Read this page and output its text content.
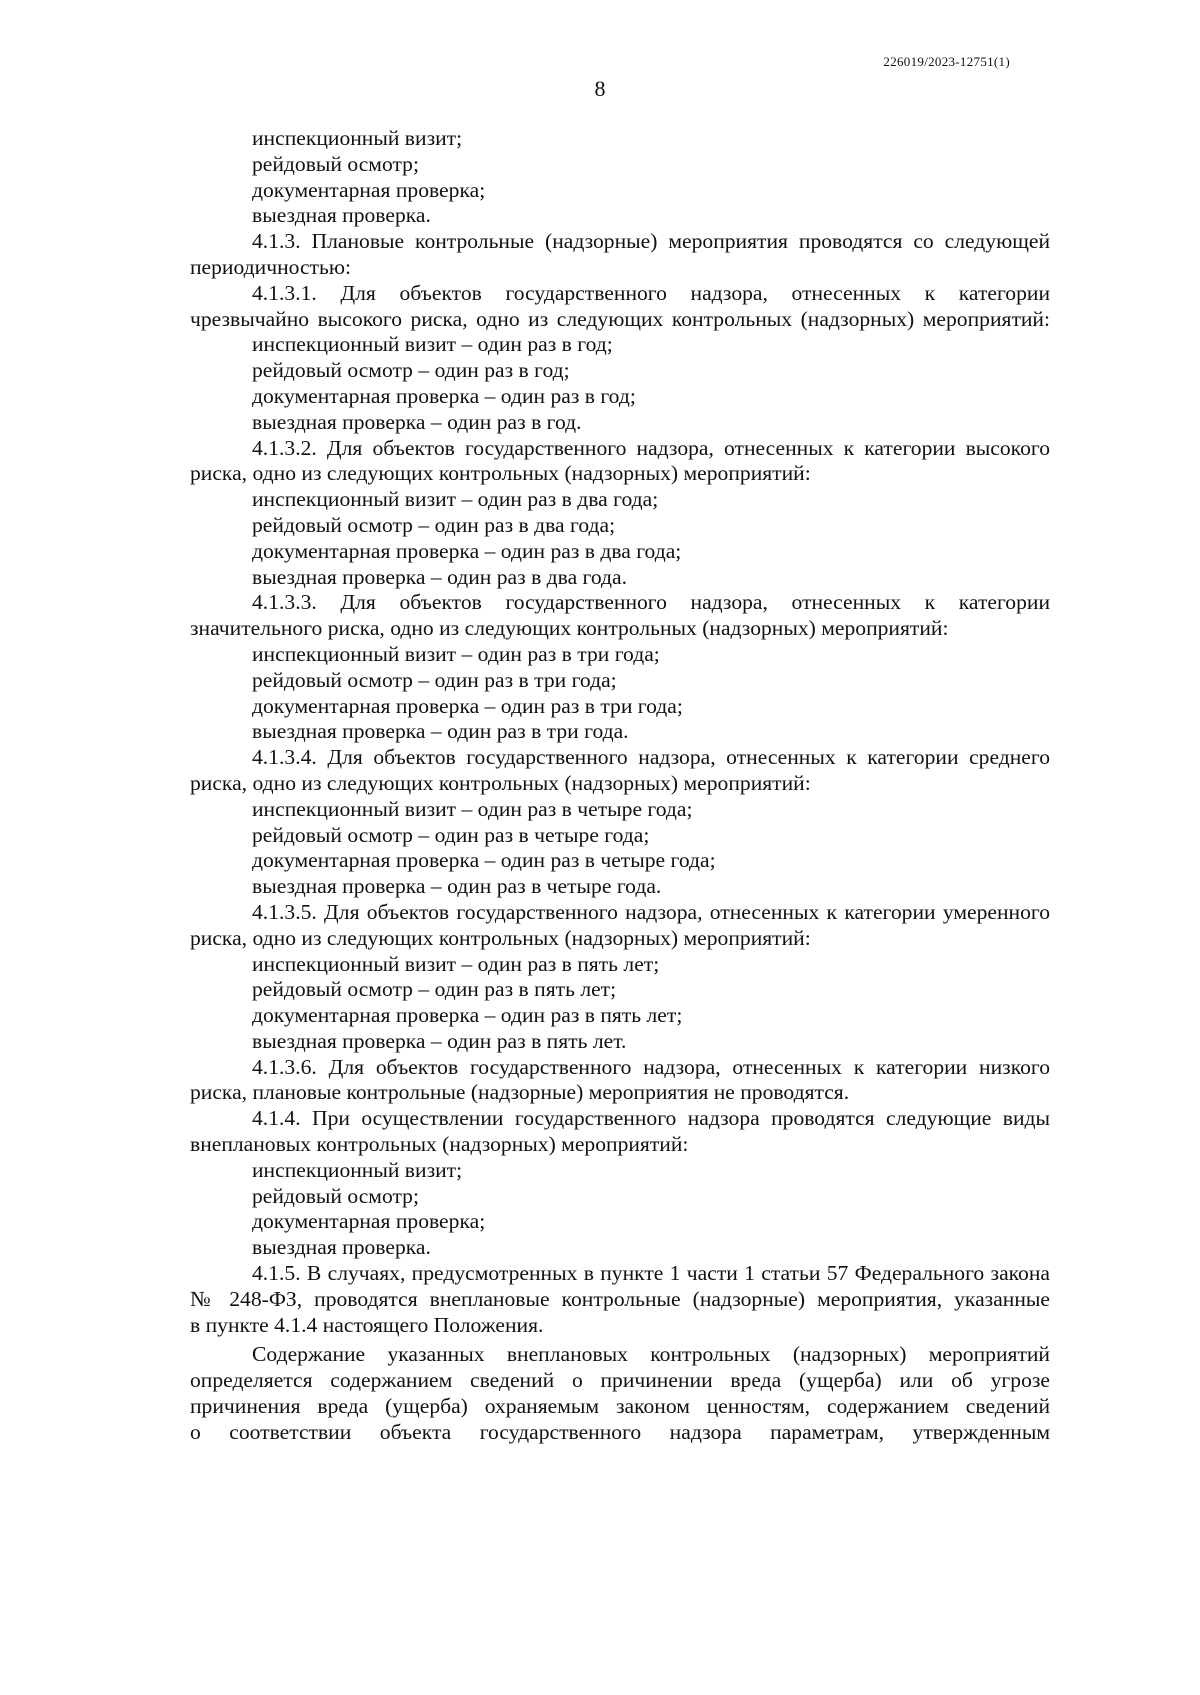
226019/2023-12751(1)
8
инспекционный визит;
рейдовый осмотр;
документарная проверка;
выездная проверка.
4.1.3. Плановые контрольные (надзорные) мероприятия проводятся со следующей
периодичностью:
4.1.3.1. Для объектов государственного надзора, отнесенных к категории
чрезвычайно высокого риска, одно из следующих контрольных (надзорных) мероприятий:
инспекционный визит – один раз в год;
рейдовый осмотр – один раз в год;
документарная проверка – один раз в год;
выездная проверка – один раз в год.
4.1.3.2. Для объектов государственного надзора, отнесенных к категории высокого
риска, одно из следующих контрольных (надзорных) мероприятий:
инспекционный визит – один раз в два года;
рейдовый осмотр – один раз в два года;
документарная проверка – один раз в два года;
выездная проверка – один раз в два года.
4.1.3.3. Для объектов государственного надзора, отнесенных к категории
значительного риска, одно из следующих контрольных (надзорных) мероприятий:
инспекционный визит – один раз в три года;
рейдовый осмотр – один раз в три года;
документарная проверка – один раз в три года;
выездная проверка – один раз в три года.
4.1.3.4. Для объектов государственного надзора, отнесенных к категории среднего
риска, одно из следующих контрольных (надзорных) мероприятий:
инспекционный визит – один раз в четыре года;
рейдовый осмотр – один раз в четыре года;
документарная проверка – один раз в четыре года;
выездная проверка – один раз в четыре года.
4.1.3.5. Для объектов государственного надзора, отнесенных к категории умеренного
риска, одно из следующих контрольных (надзорных) мероприятий:
инспекционный визит – один раз в пять лет;
рейдовый осмотр – один раз в пять лет;
документарная проверка – один раз в пять лет;
выездная проверка – один раз в пять лет.
4.1.3.6. Для объектов государственного надзора, отнесенных к категории низкого
риска, плановые контрольные (надзорные) мероприятия не проводятся.
4.1.4. При осуществлении государственного надзора проводятся следующие виды
внеплановых контрольных (надзорных) мероприятий:
инспекционный визит;
рейдовый осмотр;
документарная проверка;
выездная проверка.
4.1.5. В случаях, предусмотренных в пункте 1 части 1 статьи 57 Федерального закона
№ 248-ФЗ, проводятся внеплановые контрольные (надзорные) мероприятия, указанные
в пункте 4.1.4 настоящего Положения.
Содержание указанных внеплановых контрольных (надзорных) мероприятий
определяется содержанием сведений о причинении вреда (ущерба) или об угрозе
причинения вреда (ущерба) охраняемым законом ценностям, содержанием сведений
о соответствии объекта государственного надзора параметрам, утвержденным
